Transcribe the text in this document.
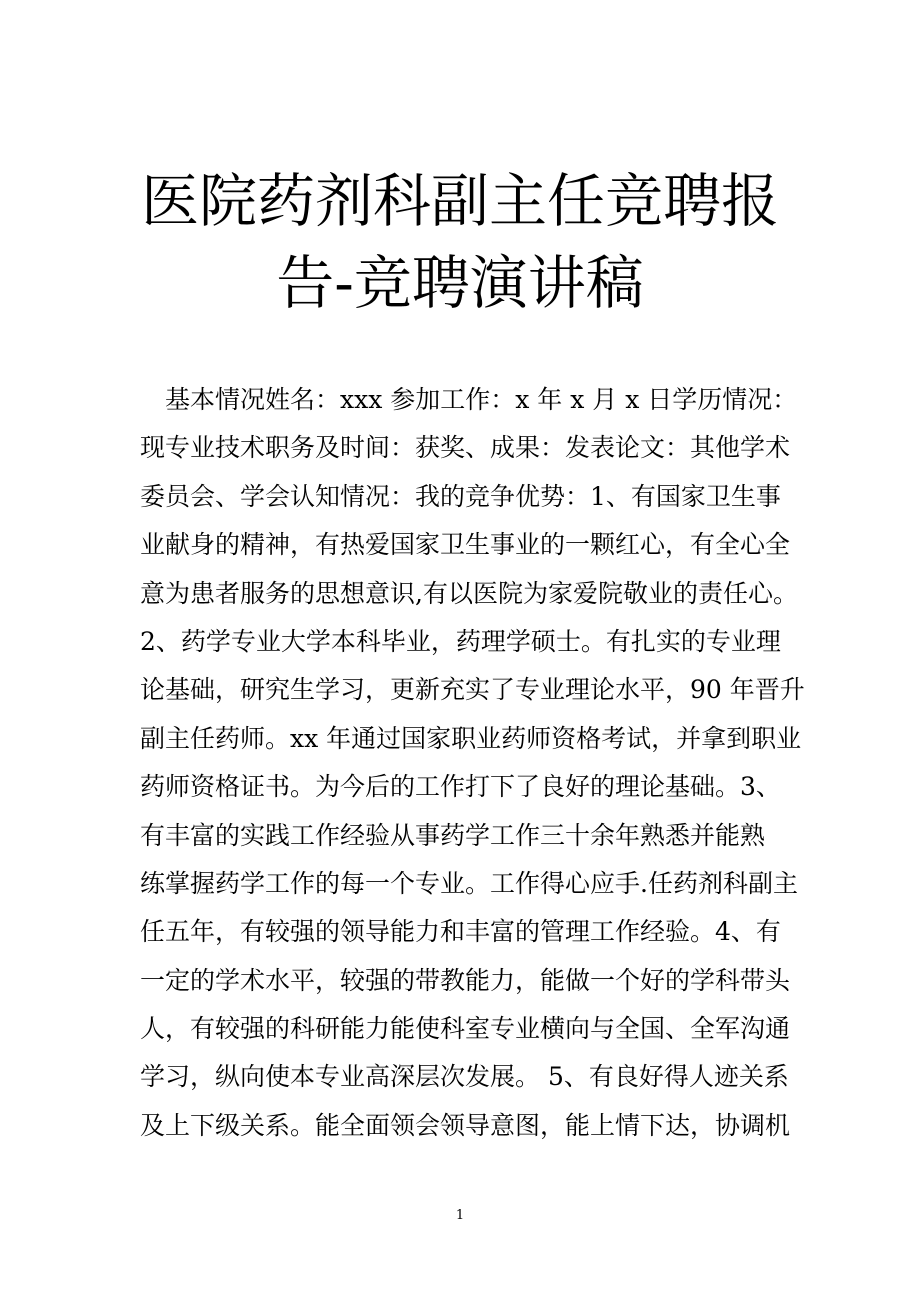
医院药剂科副主任竞聘报
告-竞聘演讲稿
基本情况姓名：xxx 参加工作：x 年 x 月 x 日学历情况：
现专业技术职务及时间：获奖、成果：发表论文：其他学术
委员会、学会认知情况：我的竞争优势：1、有国家卫生事
业献身的精神，有热爱国家卫生事业的一颗红心，有全心全
意为患者服务的思想意识,有以医院为家爱院敬业的责任心。
2、药学专业大学本科毕业，药理学硕士。有扎实的专业理
论基础，研究生学习，更新充实了专业理论水平，90 年晋升
副主任药师。xx 年通过国家职业药师资格考试，并拿到职业
药师资格证书。为今后的工作打下了良好的理论基础。3、
有丰富的实践工作经验从事药学工作三十余年熟悉并能熟
练掌握药学工作的每一个专业。工作得心应手.任药剂科副主
任五年，有较强的领导能力和丰富的管理工作经验。4、有
一定的学术水平，较强的带教能力，能做一个好的学科带头
人，有较强的科研能力能使科室专业横向与全国、全军沟通
学习，纵向使本专业高深层次发展。 5、有良好得人迹关系
及上下级关系。能全面领会领导意图，能上情下达，协调机
1
